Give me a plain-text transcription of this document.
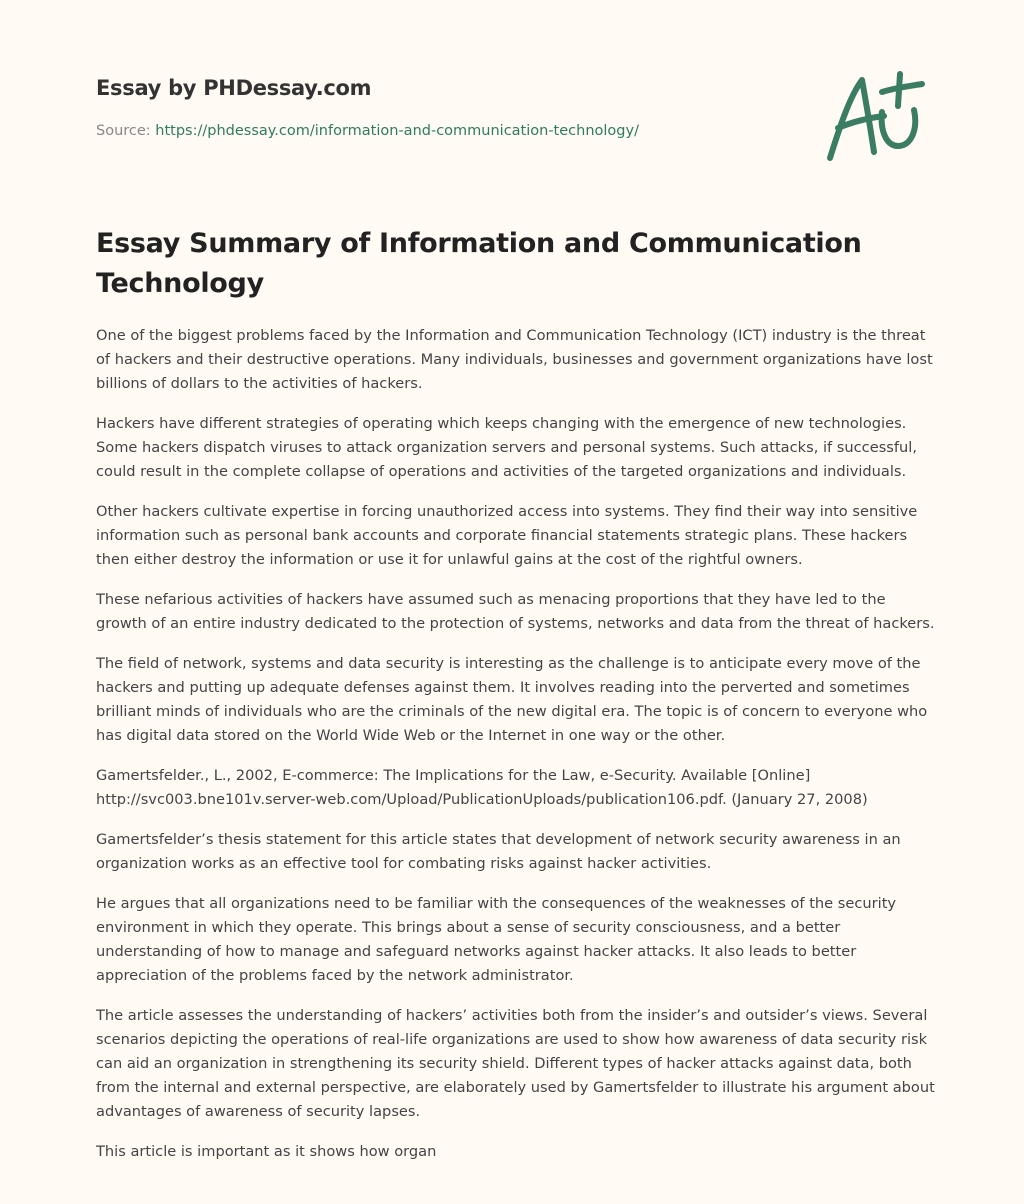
Essay by PHDessay.com
Source: https://phdessay.com/information-and-communication-technology/
Essay Summary of Information and Communication Technology

One of the biggest problems faced by the Information and Communication Technology (ICT) industry is the threat of hackers and their destructive operations. Many individuals, businesses and government organizations have lost billions of dollars to the activities of hackers.

Hackers have different strategies of operating which keeps changing with the emergence of new technologies. Some hackers dispatch viruses to attack organization servers and personal systems. Such attacks, if successful, could result in the complete collapse of operations and activities of the targeted organizations and individuals.

Other hackers cultivate expertise in forcing unauthorized access into systems. They find their way into sensitive information such as personal bank accounts and corporate financial statements strategic plans. These hackers then either destroy the information or use it for unlawful gains at the cost of the rightful owners.

These nefarious activities of hackers have assumed such as menacing proportions that they have led to the growth of an entire industry dedicated to the protection of systems, networks and data from the threat of hackers.

The field of network, systems and data security is interesting as the challenge is to anticipate every move of the hackers and putting up adequate defenses against them. It involves reading into the perverted and sometimes brilliant minds of individuals who are the criminals of the new digital era. The topic is of concern to everyone who has digital data stored on the World Wide Web or the Internet in one way or the other.

Gamertsfelder., L., 2002, E-commerce: The Implications for the Law, e-Security. Available [Online] http://svc003.bne101v.server-web.com/Upload/PublicationUploads/publication106.pdf. (January 27, 2008)

Gamertsfelder’s thesis statement for this article states that development of network security awareness in an organization works as an effective tool for combating risks against hacker activities.

He argues that all organizations need to be familiar with the consequences of the weaknesses of the security environment in which they operate. This brings about a sense of security consciousness, and a better understanding of how to manage and safeguard networks against hacker attacks. It also leads to better appreciation of the problems faced by the network administrator.

The article assesses the understanding of hackers’ activities both from the insider’s and outsider’s views. Several scenarios depicting the operations of real-life organizations are used to show how awareness of data security risk can aid an organization in strengthening its security shield. Different types of hacker attacks against data, both from the internal and external perspective, are elaborately used by Gamertsfelder to illustrate his argument about advantages of awareness of security lapses.

This article is important as it shows how organ
